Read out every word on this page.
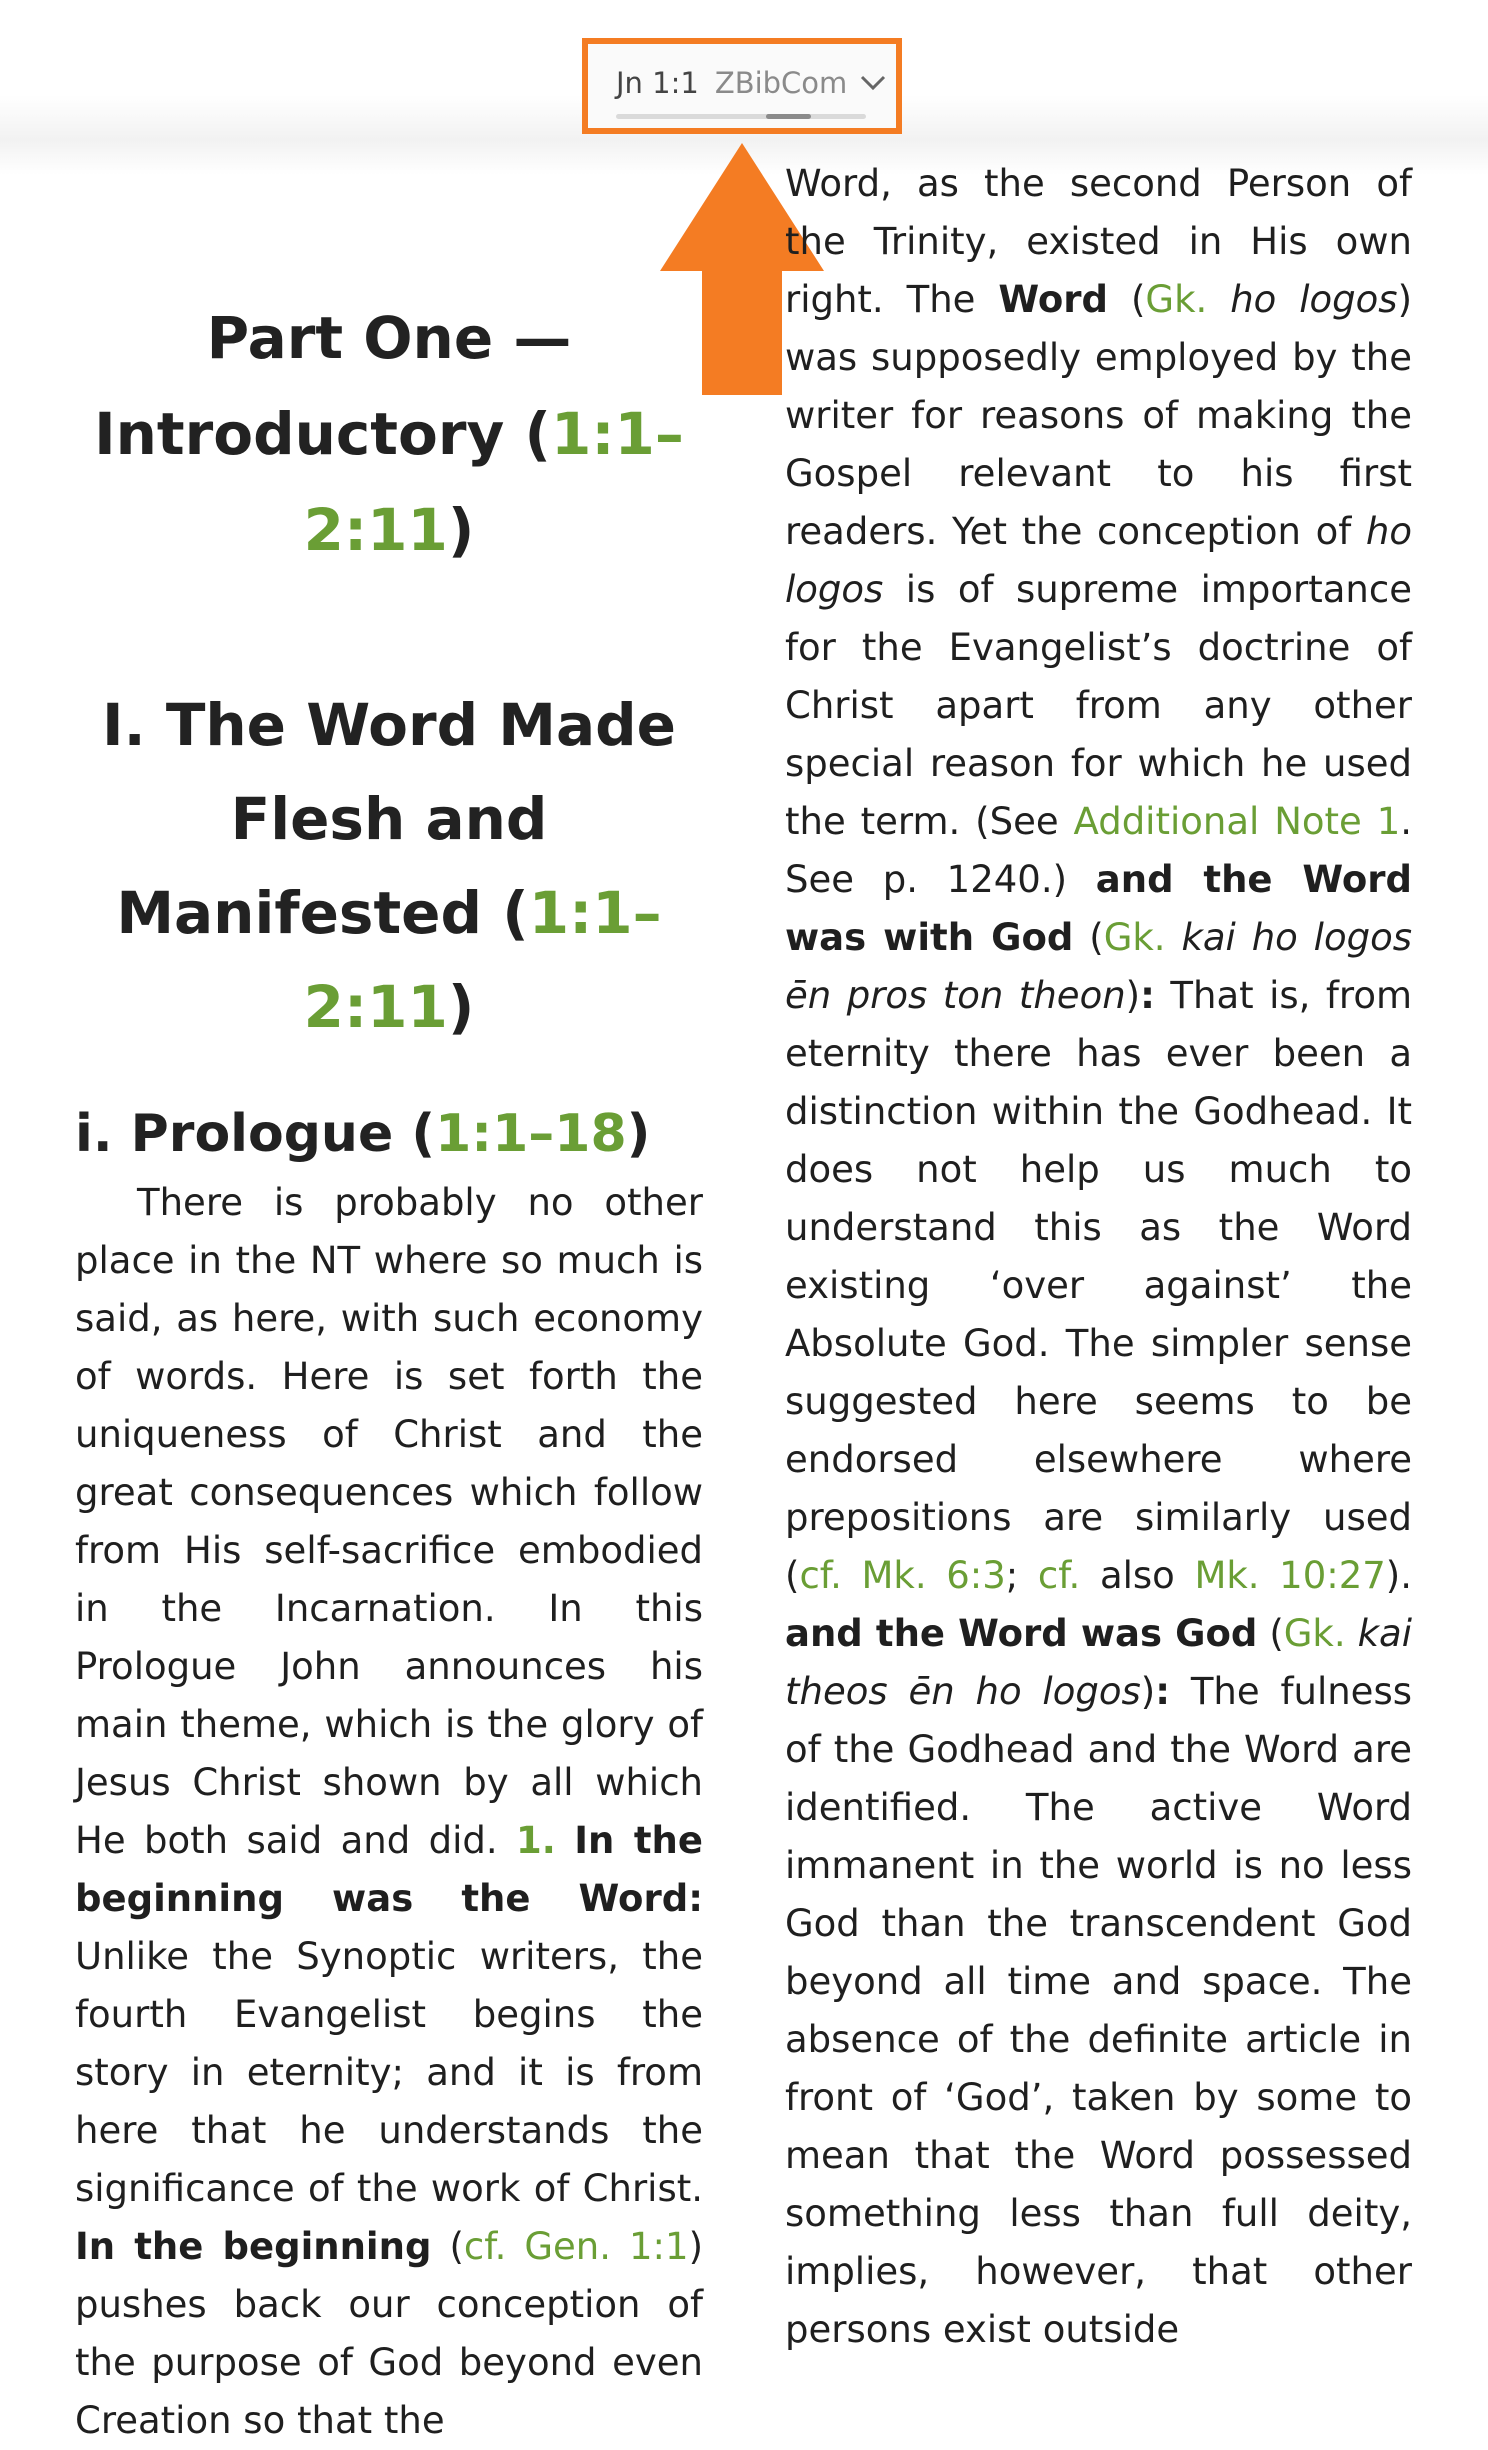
Jn 1:1 ZBibCom
Part One — Introductory (1:1–2:11)
I. The Word Made Flesh and Manifested (1:1–2:11)
i. Prologue (1:1–18)

There is probably no other place in the NT where so much is said, as here, with such economy of words. Here is set forth the uniqueness of Christ and the great consequences which follow from His self-sacrifice embodied in the Incarnation. In this Prologue John announces his main theme, which is the glory of Jesus Christ shown by all which He both said and did. 1. In the beginning was the Word: Unlike the Synoptic writers, the fourth Evangelist begins the story in eternity; and it is from here that he understands the significance of the work of Christ. In the beginning (cf. Gen. 1:1) pushes back our conception of the purpose of God beyond even Creation so that the

Word, as the second Person of the Trinity, existed in His own right. The Word (Gk. ho logos) was supposedly employed by the writer for reasons of making the Gospel relevant to his first readers. Yet the conception of ho logos is of supreme importance for the Evangelist’s doctrine of Christ apart from any other special reason for which he used the term. (See Additional Note 1. See p. 1240.) and the Word was with God (Gk. kai ho logos ēn pros ton theon): That is, from eternity there has ever been a distinction within the Godhead. It does not help us much to understand this as the Word existing ‘over against’ the Absolute God. The simpler sense suggested here seems to be endorsed elsewhere where prepositions are similarly used (cf. Mk. 6:3; cf. also Mk. 10:27). and the Word was God (Gk. kai theos ēn ho logos): The fulness of the Godhead and the Word are identified. The active Word immanent in the world is no less God than the transcendent God beyond all time and space. The absence of the definite article in front of ‘God’, taken by some to mean that the Word possessed something less than full deity, implies, however, that other persons exist outside
